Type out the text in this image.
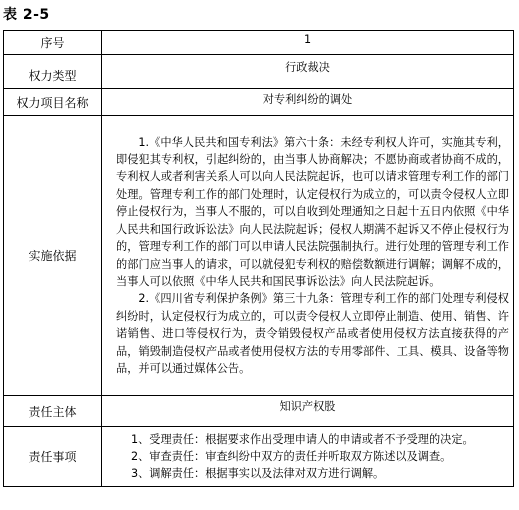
表 2-5
序号	1
权力类型	行政裁决
权力项目名称	对专利纠纷的调处
实施依据	1.《中华人民共和国专利法》第六十条：未经专利权人许可，实施其专利，即侵犯其专利权，引起纠纷的，由当事人协商解决；不愿协商或者协商不成的，专利权人或者利害关系人可以向人民法院起诉，也可以请求管理专利工作的部门处理。管理专利工作的部门处理时，认定侵权行为成立的，可以责令侵权人立即停止侵权行为，当事人不服的，可以自收到处理通知之日起十五日内依照《中华人民共和国行政诉讼法》向人民法院起诉；侵权人期满不起诉又不停止侵权行为的，管理专利工作的部门可以申请人民法院强制执行。进行处理的管理专利工作的部门应当事人的请求，可以就侵犯专利权的赔偿数额进行调解；调解不成的，当事人可以依照《中华人民共和国民事诉讼法》向人民法院起诉。
2.《四川省专利保护条例》第三十九条：管理专利工作的部门处理专利侵权纠纷时，认定侵权行为成立的，可以责令侵权人立即停止制造、使用、销售、许诺销售、进口等侵权行为，责令销毁侵权产品或者使用侵权方法直接获得的产品，销毁制造侵权产品或者使用侵权方法的专用零部件、工具、模具、设备等物品，并可以通过媒体公告。

责任主体	知识产权股
责任事项	1、受理责任：根据要求作出受理申请人的申请或者不予受理的决定。
2、审查责任：审查纠纷中双方的责任并听取双方陈述以及调查。
3、调解责任：根据事实以及法律对双方进行调解。
